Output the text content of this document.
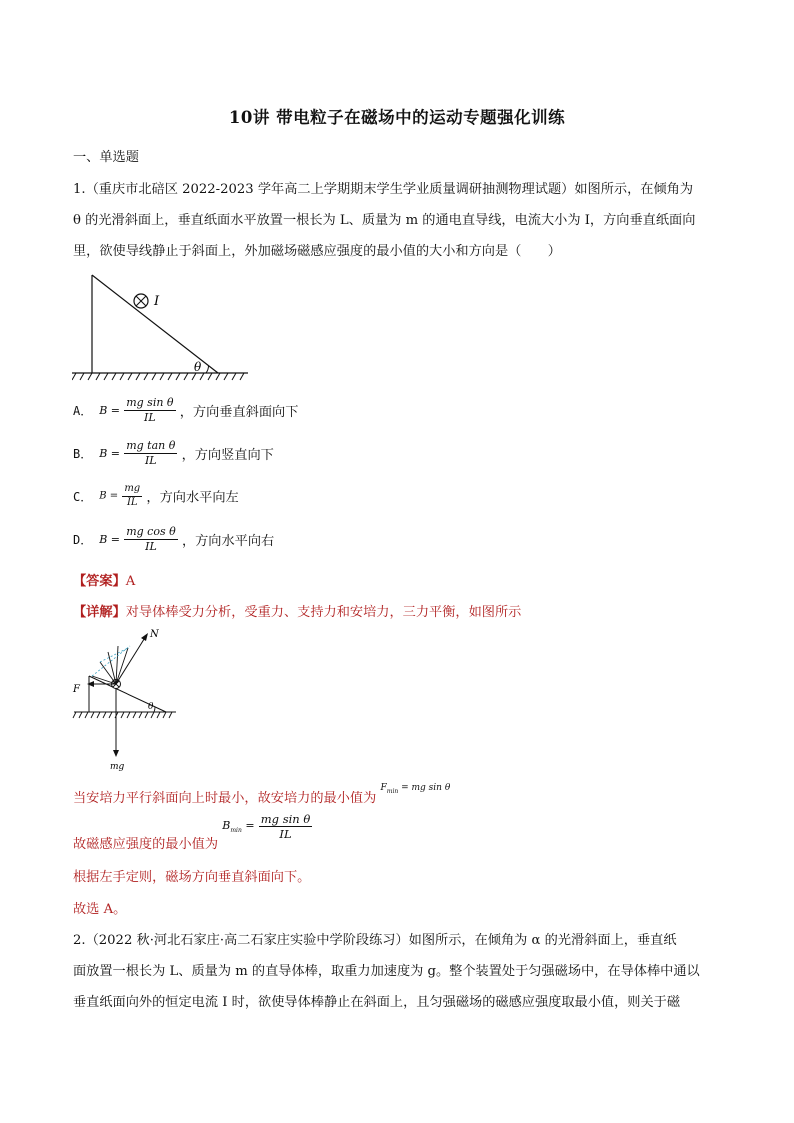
10讲 带电粒子在磁场中的运动专题强化训练
一、单选题
1.（重庆市北碚区 2022-2023 学年高二上学期期末学生学业质量调研抽测物理试题）如图所示，在倾角为
θ 的光滑斜面上，垂直纸面水平放置一根长为 L、质量为 m 的通电直导线，电流大小为 I，方向垂直纸面向
里，欲使导线静止于斜面上，外加磁场磁感应强度的最小值的大小和方向是（　　）
I
θ
A． $B = \frac{\text{mg sin θ}}{IL}$ ，方向垂直斜面向下
B． $B = \frac{\text{mg tan θ}}{IL}$ ，方向竖直向下
C． $B = \frac{mg}{IL}$ ，方向水平向左
D． $B = \frac{\text{mg cos θ}}{IL}$ ，方向水平向右
【答案】A
【详解】对导体棒受力分析，受重力、支持力和安培力，三力平衡，如图所示
θ
N
F
mg
当安培力平行斜面向上时最小，故安培力的最小值为 $^{F_{min} = mg sin \theta}$
故磁感应强度的最小值为 $B_{min} = \frac{\text{mg sin θ}}{IL}$
根据左手定则，磁场方向垂直斜面向下。
故选 A。
2.（2022 秋·河北石家庄·高二石家庄实验中学阶段练习）如图所示，在倾角为 α 的光滑斜面上，垂直纸
面放置一根长为 L、质量为 m 的直导体棒，取重力加速度为 g。整个装置处于匀强磁场中，在导体棒中通以
垂直纸面向外的恒定电流 I 时，欲使导体棒静止在斜面上，且匀强磁场的磁感应强度取最小值，则关于磁
